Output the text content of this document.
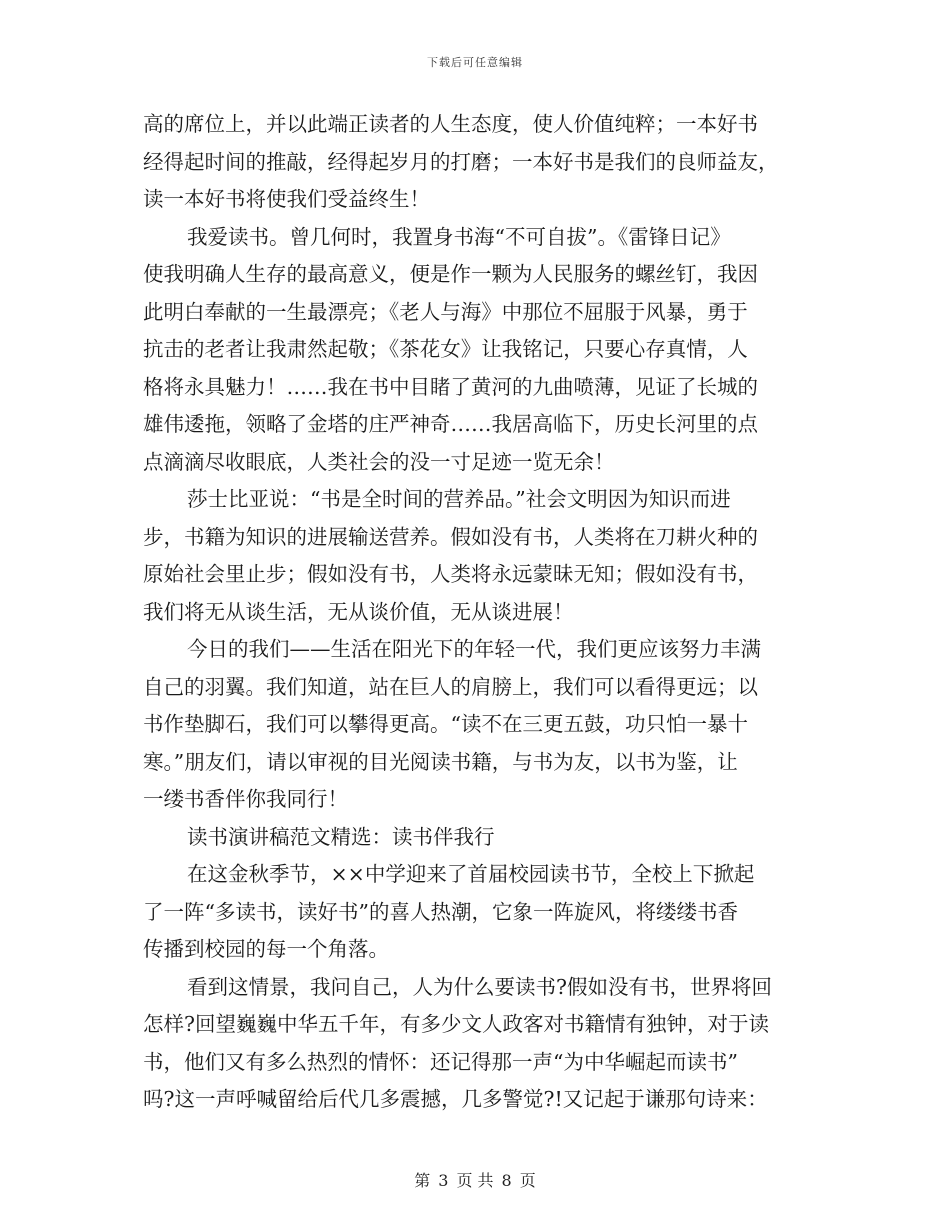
下载后可任意编辑
高的席位上，并以此端正读者的人生态度，使人价值纯粹；一本好书
经得起时间的推敲，经得起岁月的打磨；一本好书是我们的良师益友，
读一本好书将使我们受益终生！
我爱读书。曾几何时，我置身书海“不可自拔”。《雷锋日记》
使我明确人生存的最高意义，便是作一颗为人民服务的螺丝钉，我因
此明白奉献的一生最漂亮；《老人与海》中那位不屈服于风暴，勇于
抗击的老者让我肃然起敬；《茶花女》让我铭记，只要心存真情，人
格将永具魅力！……我在书中目睹了黄河的九曲喷薄，见证了长城的
雄伟逶拖，领略了金塔的庄严神奇……我居高临下，历史长河里的点
点滴滴尽收眼底，人类社会的没一寸足迹一览无余！
莎士比亚说：“书是全时间的营养品。”社会文明因为知识而进
步，书籍为知识的进展输送营养。假如没有书，人类将在刀耕火种的
原始社会里止步；假如没有书，人类将永远蒙昧无知；假如没有书，
我们将无从谈生活，无从谈价值，无从谈进展！
今日的我们——生活在阳光下的年轻一代，我们更应该努力丰满
自己的羽翼。我们知道，站在巨人的肩膀上，我们可以看得更远；以
书作垫脚石，我们可以攀得更高。“读不在三更五鼓，功只怕一暴十
寒。”朋友们，请以审视的目光阅读书籍，与书为友，以书为鉴，让
一缕书香伴你我同行！
读书演讲稿范文精选：读书伴我行
在这金秋季节，××中学迎来了首届校园读书节，全校上下掀起
了一阵“多读书，读好书”的喜人热潮，它象一阵旋风，将缕缕书香
传播到校园的每一个角落。
看到这情景，我问自己，人为什么要读书?假如没有书，世界将回
怎样?回望巍巍中华五千年，有多少文人政客对书籍情有独钟，对于读
书，他们又有多么热烈的情怀：还记得那一声“为中华崛起而读书”
吗?这一声呼喊留给后代几多震撼，几多警觉?!又记起于谦那句诗来：
第 3 页 共 8 页
